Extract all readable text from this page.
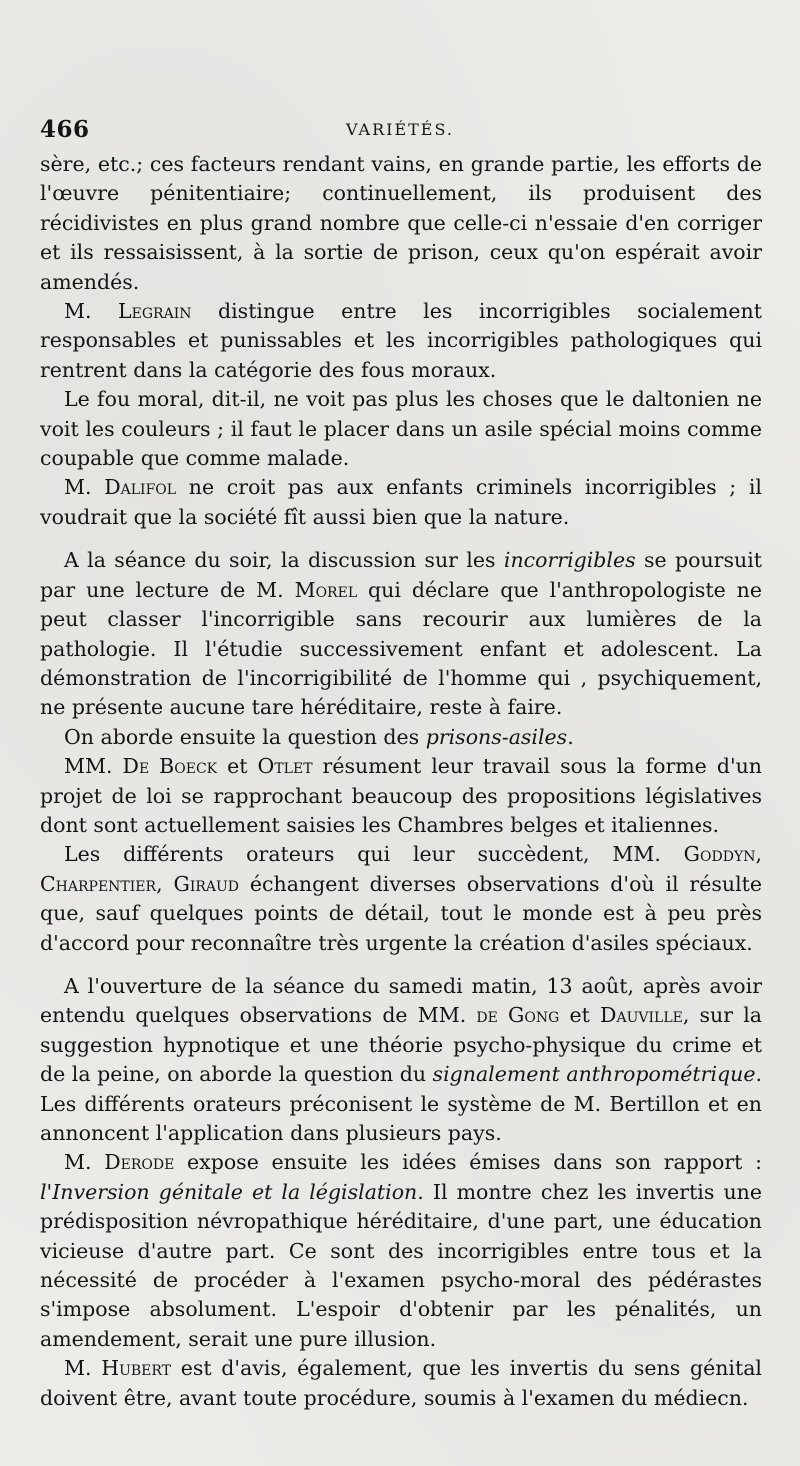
466	VARIÉTÉS.

sère, etc.; ces facteurs rendant vains, en grande partie, les efforts de l'œuvre pénitentiaire; continuellement, ils produisent des récidivistes en plus grand nombre que celle-ci n'essaie d'en corriger et ils ressaisissent, à la sortie de prison, ceux qu'on espérait avoir amendés.

M. Legrain distingue entre les incorrigibles socialement responsables et punissables et les incorrigibles pathologiques qui rentrent dans la catégorie des fous moraux.

Le fou moral, dit-il, ne voit pas plus les choses que le daltonien ne voit les couleurs ; il faut le placer dans un asile spécial moins comme coupable que comme malade.

M. Dalifol ne croit pas aux enfants criminels incorrigibles ; il voudrait que la société fît aussi bien que la nature.

A la séance du soir, la discussion sur les incorrigibles se poursuit par une lecture de M. Morel qui déclare que l'anthropologiste ne peut classer l'incorrigible sans recourir aux lumières de la pathologie. Il l'étudie successivement enfant et adolescent. La démonstration de l'incorrigibilité de l'homme qui , psychiquement, ne présente aucune tare héréditaire, reste à faire.

On aborde ensuite la question des prisons-asiles.

MM. De Boeck et Otlet résument leur travail sous la forme d'un projet de loi se rapprochant beaucoup des propositions législatives dont sont actuellement saisies les Chambres belges et italiennes.

Les différents orateurs qui leur succèdent, MM. Goddyn, Charpentier, Giraud échangent diverses observations d'où il résulte que, sauf quelques points de détail, tout le monde est à peu près d'accord pour reconnaître très urgente la création d'asiles spéciaux.

A l'ouverture de la séance du samedi matin, 13 août, après avoir entendu quelques observations de MM. de Gong et Dauville, sur la suggestion hypnotique et une théorie psycho-physique du crime et de la peine, on aborde la question du signalement anthropométrique. Les différents orateurs préconisent le système de M. Bertillon et en annoncent l'application dans plusieurs pays.

M. Derode expose ensuite les idées émises dans son rapport : l'Inversion génitale et la législation. Il montre chez les invertis une prédisposition névropathique héréditaire, d'une part, une éducation vicieuse d'autre part. Ce sont des incorrigibles entre tous et la nécessité de procéder à l'examen psycho-moral des pédérastes s'impose absolument. L'espoir d'obtenir par les pénalités, un amendement, serait une pure illusion.

M. Hubert est d'avis, également, que les invertis du sens génital doivent être, avant toute procédure, soumis à l'examen du médiecn.
